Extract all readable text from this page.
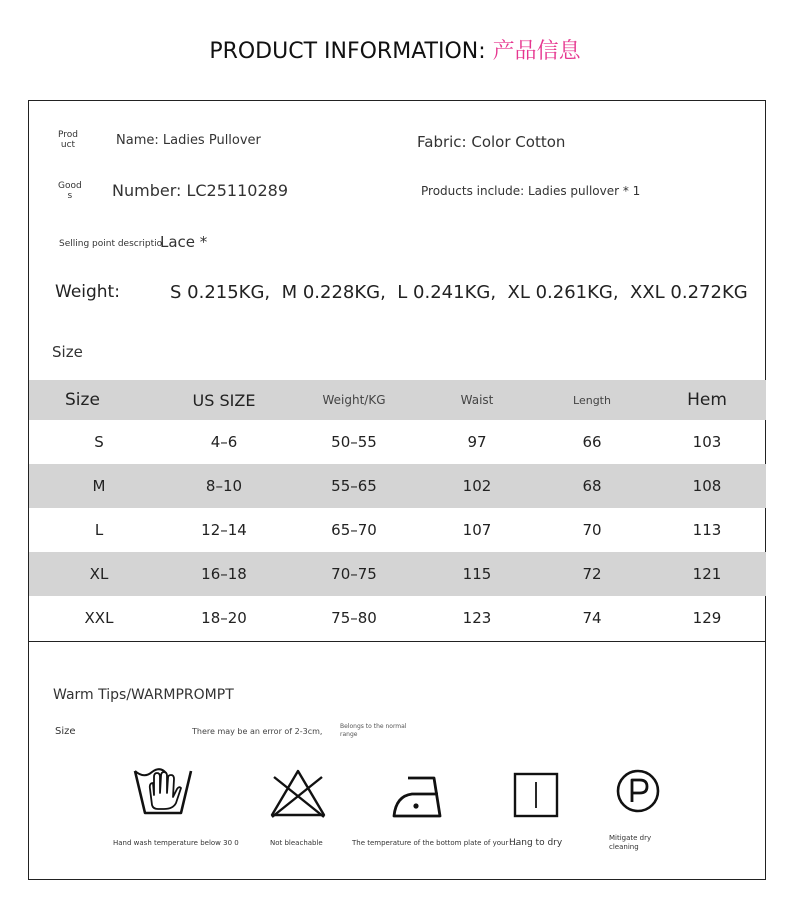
PRODUCT INFORMATION: 产品信息
Prod
uct	Name: Ladies Pullover	Fabric: Color Cotton
Good
s	Number: LC25110289	Products include: Ladies pullover * 1
Selling point descriptio
Lace *
Weight:	S 0.215KG,  M 0.228KG,  L 0.241KG,  XL 0.261KG,  XXL 0.272KG
Size
Size	US SIZE	Weight/KG	Waist	Length	Hem
S	4–6	50–55	97	66	103
M	8–10	55–65	102	68	108
L	12–14	65–70	107	70	113
XL	16–18	70–75	115	72	121
XXL	18–20	75–80	123	74	129
Warm Tips/WARMPROMPT
Size	There may be an error of 2-3cm,
Belongs to the normal
range
Hand wash temperature below 30 0	Not bleachable	The temperature of the bottom plate of your ...
Hang to dry	Mitigate dry
cleaning
